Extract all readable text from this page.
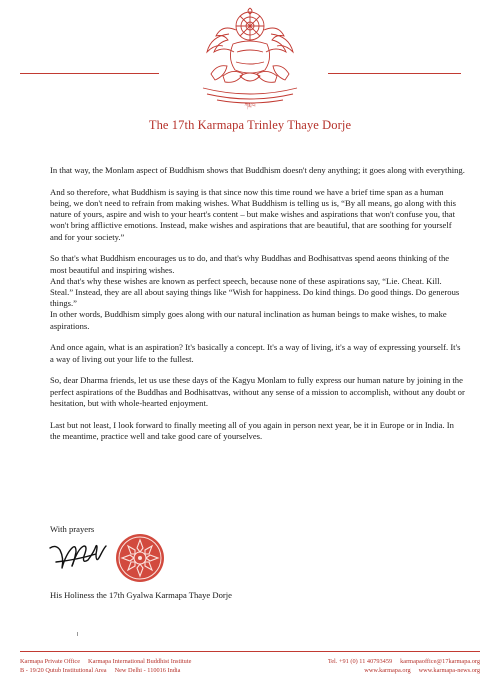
ཀརྨ་པ
The 17th Karmapa Trinley Thaye Dorje

In that way, the Monlam aspect of Buddhism shows that Buddhism doesn't deny anything; it goes along with everything.

And so therefore, what Buddhism is saying is that since now this time round we have a brief time span as a human being, we don't need to refrain from making wishes. What Buddhism is telling us is, “By all means, go along with this nature of yours, aspire and wish to your heart's content – but make wishes and aspirations that won't confuse you, that won't bring afflictive emotions. Instead, make wishes and aspirations that are beautiful, that are soothing for yourself and for your society.”

So that's what Buddhism encourages us to do, and that's why Buddhas and Bodhisattvas spend aeons thinking of the most beautiful and inspiring wishes.

And that's why these wishes are known as perfect speech, because none of these aspirations say, “Lie. Cheat. Kill. Steal.” Instead, they are all about saying things like “Wish for happiness. Do kind things. Do good things. Do generous things.”

In other words, Buddhism simply goes along with our natural inclination as human beings to make wishes, to make aspirations.

And once again, what is an aspiration? It's basically a concept. It's a way of living, it's a way of expressing yourself. It's a way of living out your life to the fullest.

So, dear Dharma friends, let us use these days of the Kagyu Monlam to fully express our human nature by joining in the perfect aspirations of the Buddhas and Bodhisattvas, without any sense of a mission to accomplish, without any doubt or hesitation, but with whole-hearted enjoyment.

Last but not least, I look forward to finally meeting all of you again in person next year, be it in Europe or in India. In the meantime, practice well and take good care of yourselves.

With prayers
His Holiness the 17th Gyalwa Karmapa Thaye Dorje
Karmapa Private Office Karmapa International Buddhist Institute
B - 19/20 Qutub Institutional Area New Delhi - 110016 India
Tel. +91 (0) 11 40793459 karmapaoffice@17karmapa.org
www.karmapa.org www.karmapa-news.org
